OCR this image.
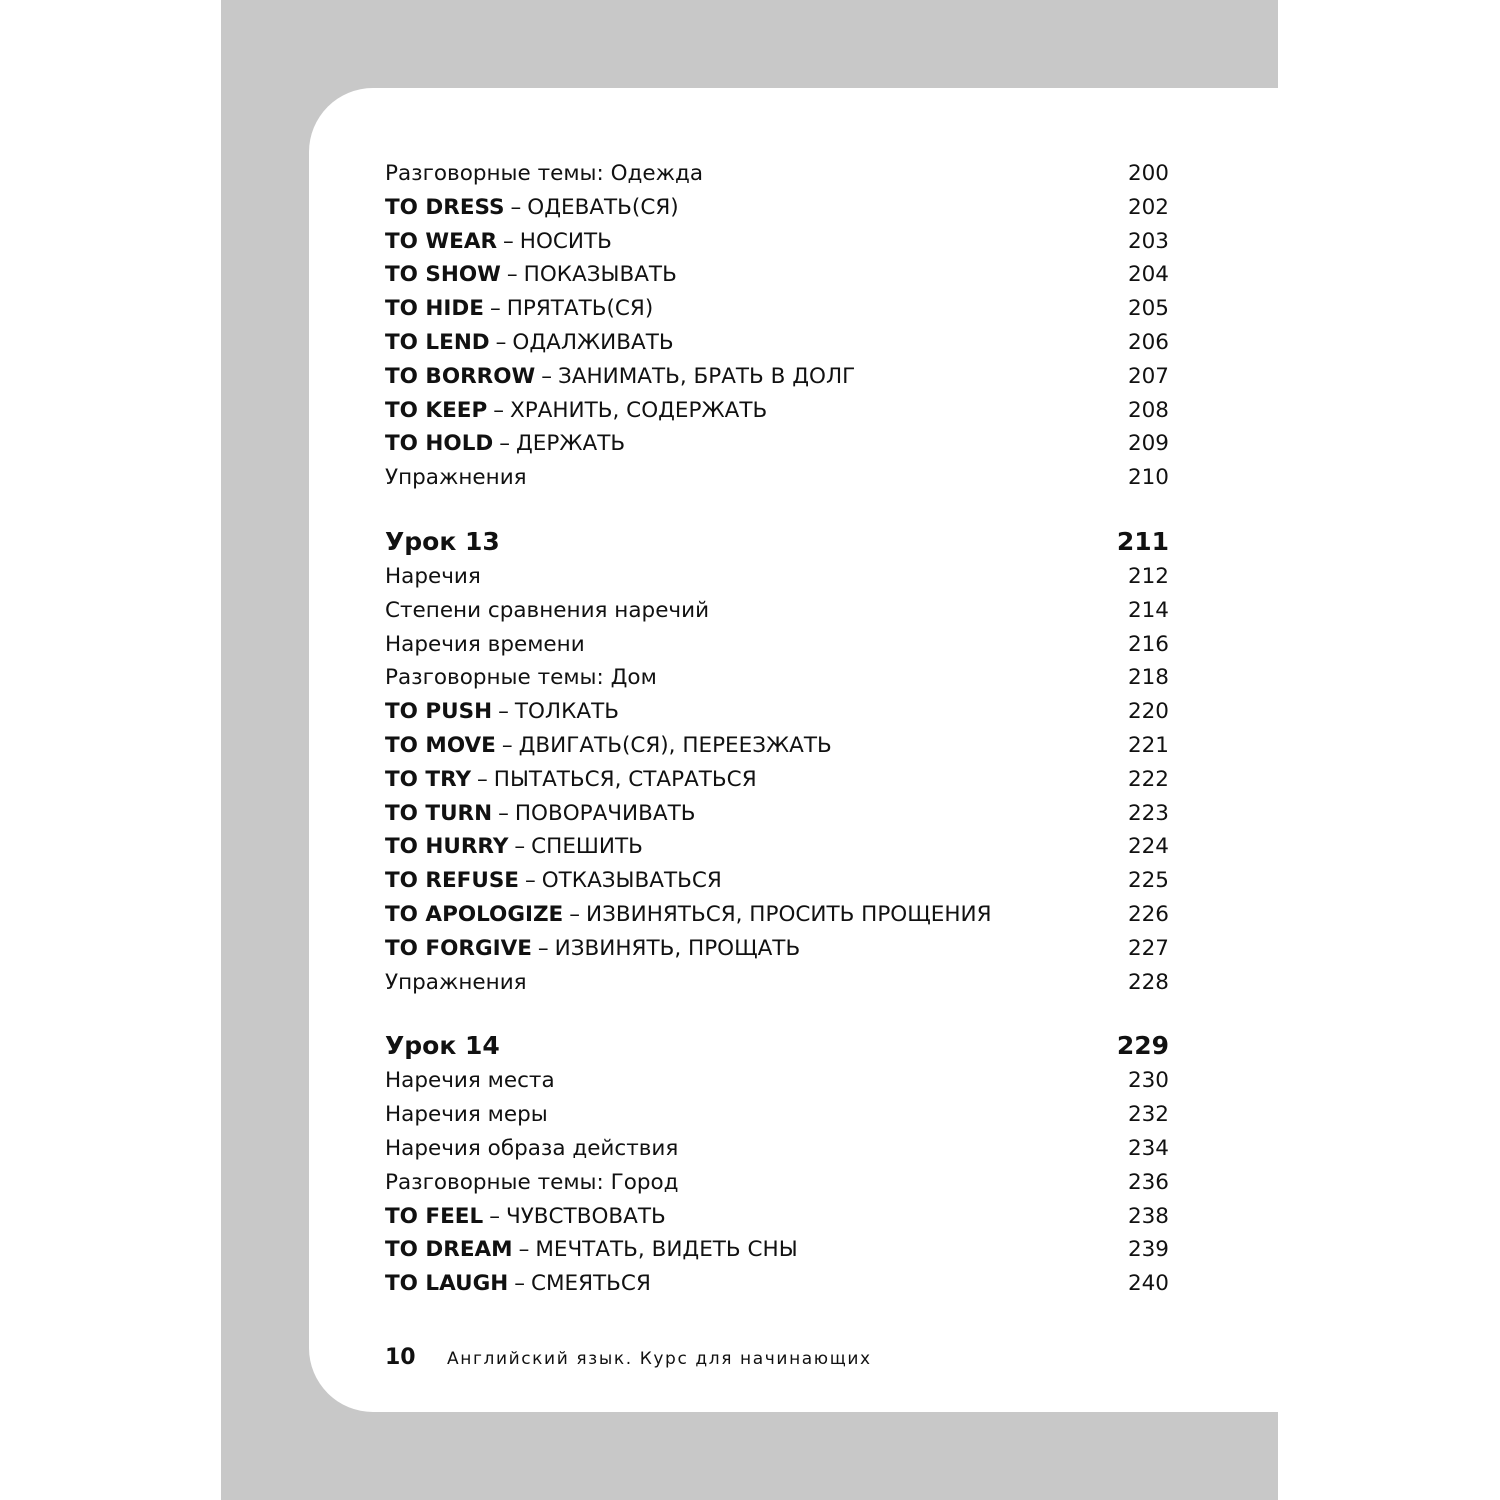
Разговорные темы: Одежда	200
TO DRESS – ОДЕВАТЬ(СЯ)	202
TO WEAR – НОСИТЬ	203
TO SHOW – ПОКАЗЫВАТЬ	204
TO HIDE – ПРЯТАТЬ(СЯ)	205
TO LEND – ОДАЛЖИВАТЬ	206
TO BORROW – ЗАНИМАТЬ, БРАТЬ В ДОЛГ	207
TO KEEP – ХРАНИТЬ, СОДЕРЖАТЬ	208
TO HOLD – ДЕРЖАТЬ	209
Упражнения	210
Урок 13	211
Наречия	212
Степени сравнения наречий	214
Наречия времени	216
Разговорные темы: Дом	218
TO PUSH – ТОЛКАТЬ	220
TO MOVE – ДВИГАТЬ(СЯ), ПЕРЕЕЗЖАТЬ	221
TO TRY – ПЫТАТЬСЯ, СТАРАТЬСЯ	222
TO TURN – ПОВОРАЧИВАТЬ	223
TO HURRY – СПЕШИТЬ	224
TO REFUSE – ОТКАЗЫВАТЬСЯ	225
TO APOLOGIZE – ИЗВИНЯТЬСЯ, ПРОСИТЬ ПРОЩЕНИЯ	226
TO FORGIVE – ИЗВИНЯТЬ, ПРОЩАТЬ	227
Упражнения	228
Урок 14	229
Наречия места	230
Наречия меры	232
Наречия образа действия	234
Разговорные темы: Город	236
TO FEEL – ЧУВСТВОВАТЬ	238
TO DREAM – МЕЧТАТЬ, ВИДЕТЬ СНЫ	239
TO LAUGH – СМЕЯТЬСЯ	240
10	Английский язык. Курс для начинающих
